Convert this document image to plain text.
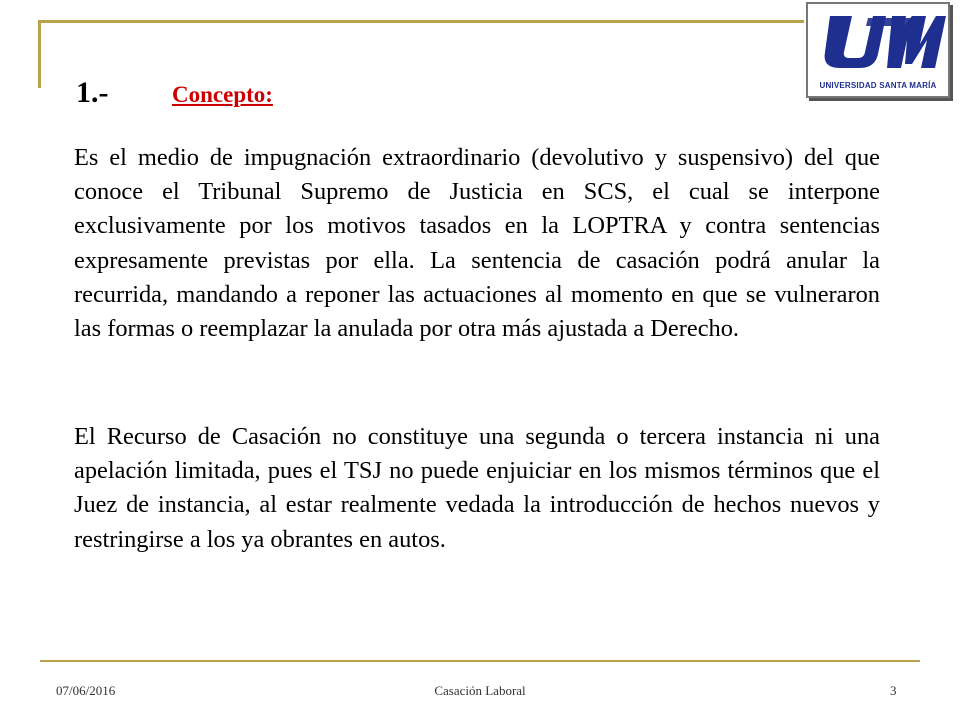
UNIVERSIDAD SANTA MARÍA
1.-	Concepto:

Es el medio de impugnación extraordinario (devolutivo y suspensivo) del que conoce el Tribunal Supremo de Justicia en SCS, el cual se interpone exclusivamente por los motivos tasados en la LOPTRA y contra sentencias expresamente previstas por ella. La sentencia de casación podrá anular la recurrida, mandando a reponer las actuaciones al momento en que se vulneraron las formas o reemplazar la anulada por otra más ajustada a Derecho.

El Recurso de Casación no constituye una segunda o tercera instancia ni una apelación limitada, pues el TSJ no puede enjuiciar en los mismos términos que el Juez de instancia, al estar realmente vedada la introducción de hechos nuevos y restringirse a los ya obrantes en autos.

07/06/2016	Casación Laboral	3
